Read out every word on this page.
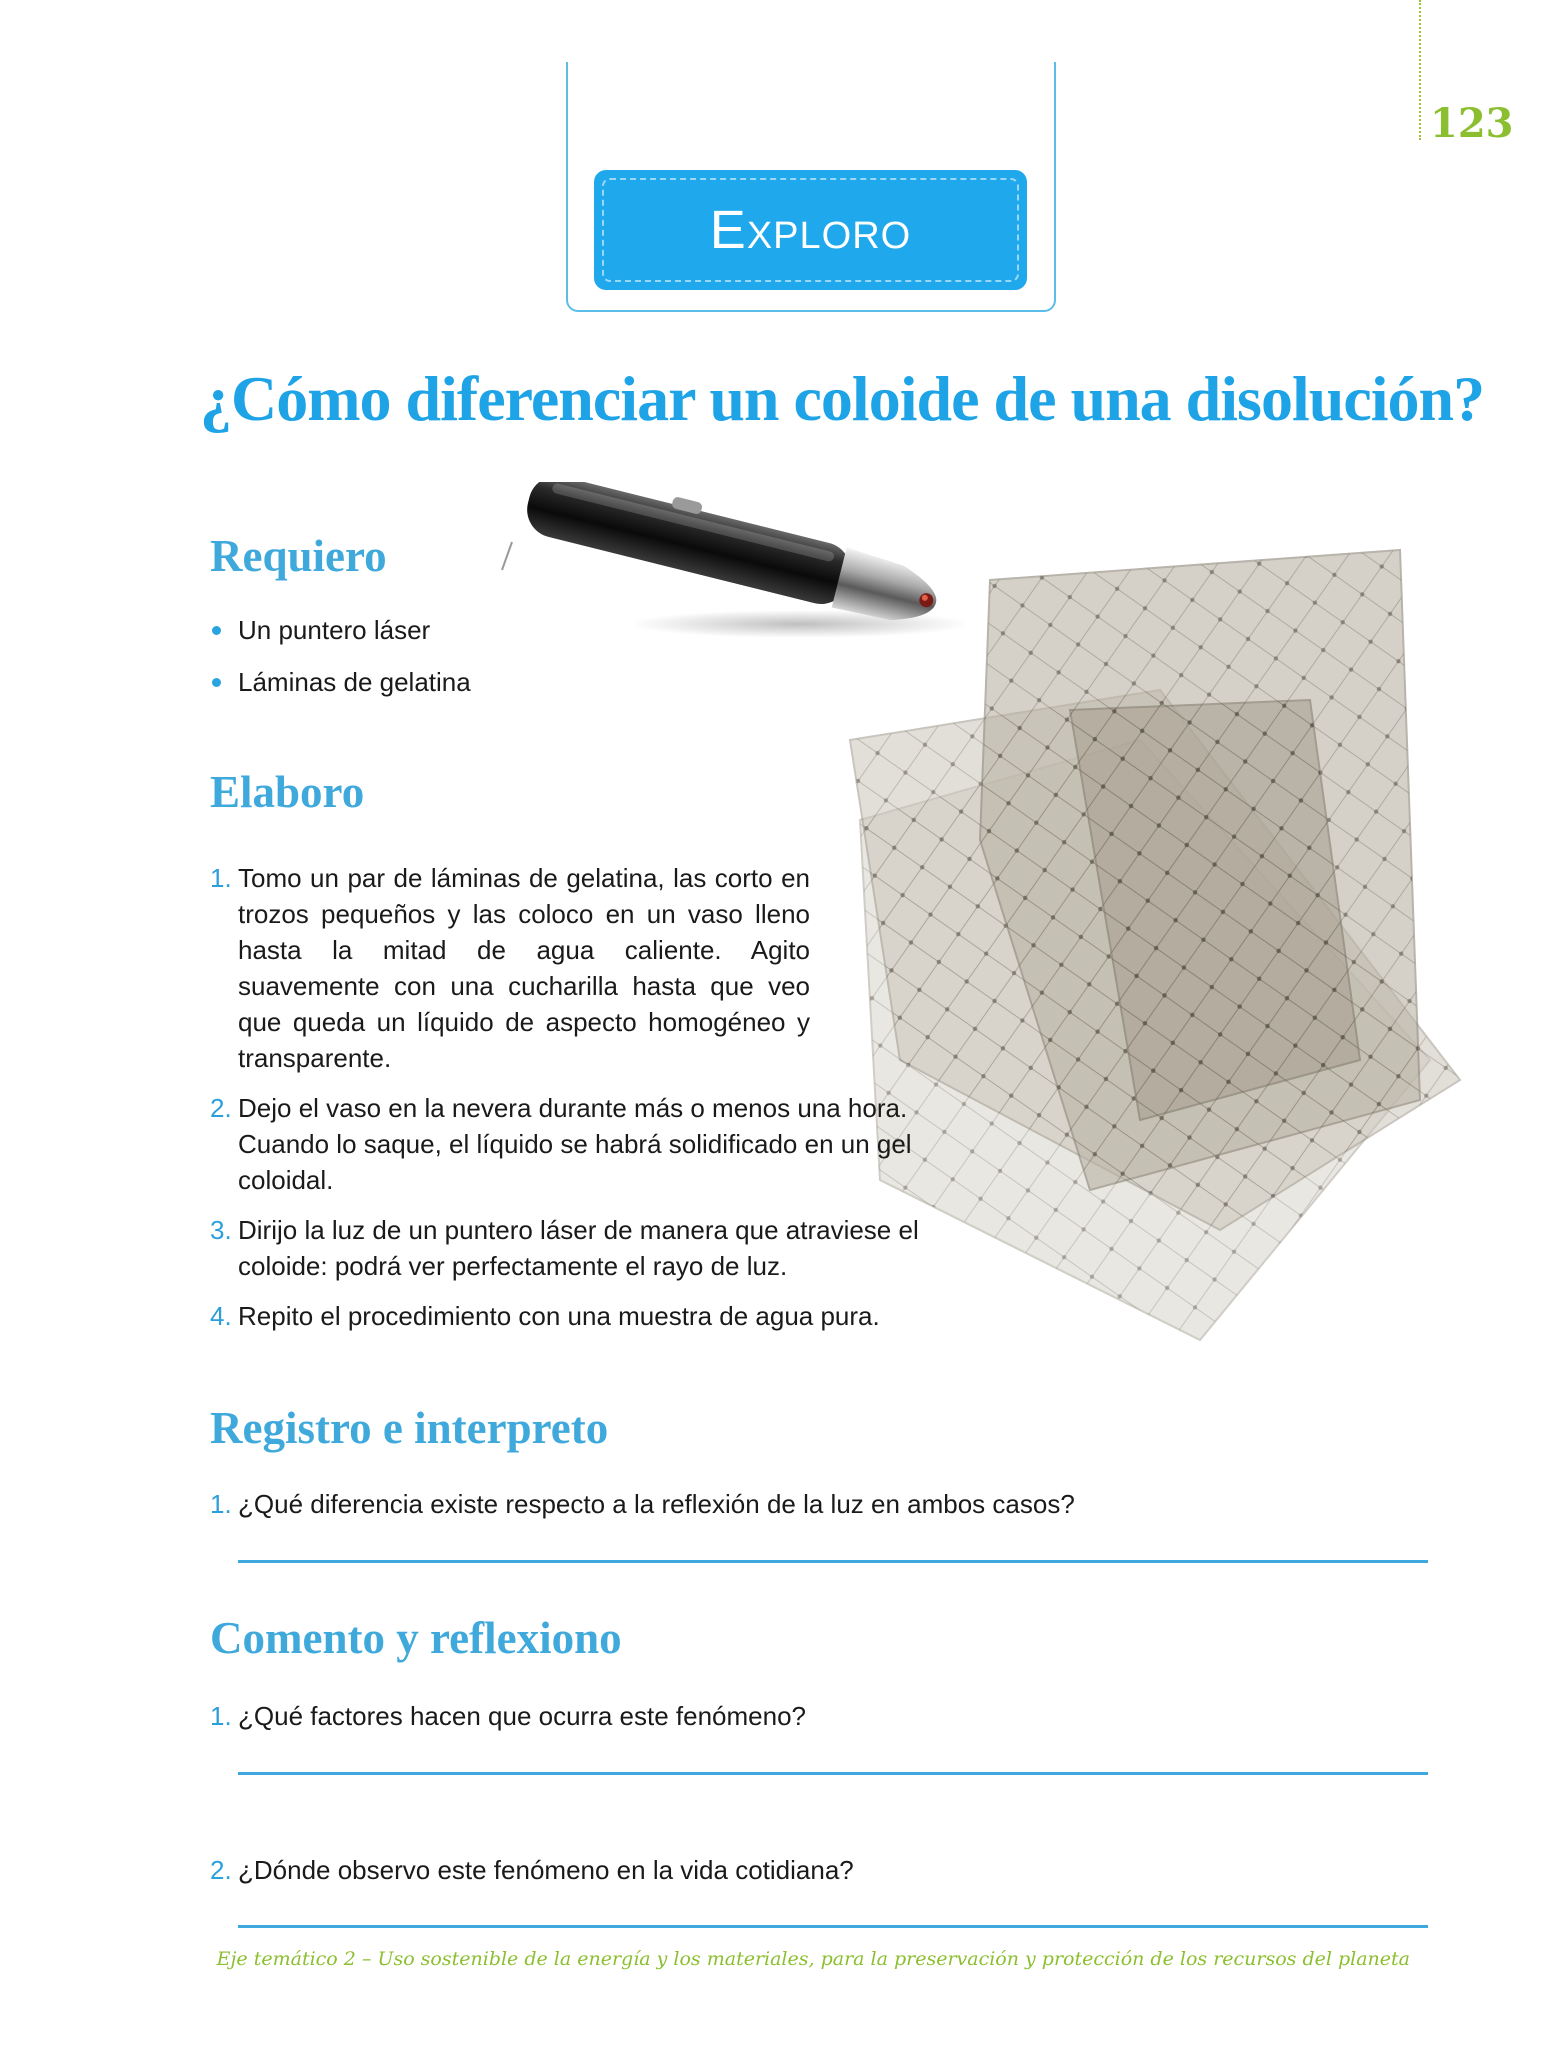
123
Exploro
¿Cómo diferenciar un coloide de una disolución?
Requiero
Un puntero láser
Láminas de gelatina
Elaboro
1. Tomo un par de láminas de gelatina, las corto en trozos pequeños y las coloco en un vaso lleno hasta la mitad de agua caliente. Agito suavemente con una cucharilla hasta que veo que queda un líquido de aspecto homogéneo y transparente.
2. Dejo el vaso en la nevera durante más o menos una hora. Cuando lo saque, el líquido se habrá solidificado en un gel coloidal.
3. Dirijo la luz de un puntero láser de manera que atraviese el coloide: podrá ver perfectamente el rayo de luz.
4. Repito el procedimiento con una muestra de agua pura.
Registro e interpreto
1. ¿Qué diferencia existe respecto a la reflexión de la luz en ambos casos?
Comento y reflexiono
1. ¿Qué factores hacen que ocurra este fenómeno?
2. ¿Dónde observo este fenómeno en la vida cotidiana?
Eje temático 2 – Uso sostenible de la energía y los materiales, para la preservación y protección de los recursos del planeta
